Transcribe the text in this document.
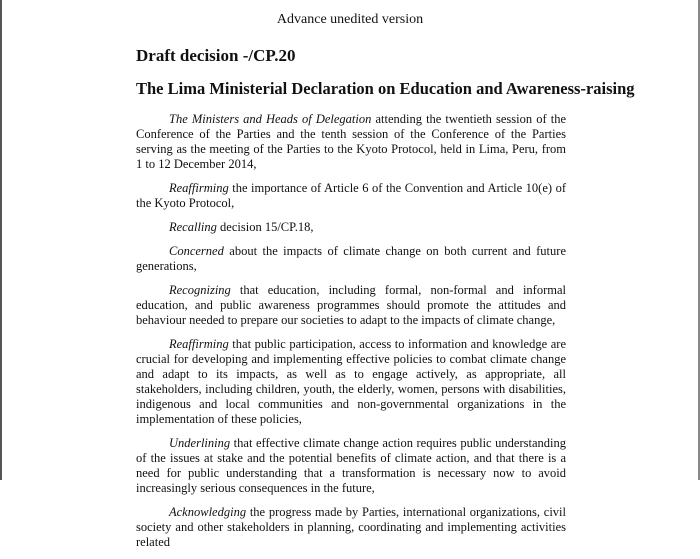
Advance unedited version
Draft decision -/CP.20
The Lima Ministerial Declaration on Education and Awareness-raising

The Ministers and Heads of Delegation attending the twentieth session of the Conference of the Parties and the tenth session of the Conference of the Parties serving as the meeting of the Parties to the Kyoto Protocol, held in Lima, Peru, from 1 to 12 December 2014,

Reaffirming the importance of Article 6 of the Convention and Article 10(e) of the Kyoto Protocol,

Recalling decision 15/CP.18,

Concerned about the impacts of climate change on both current and future generations,

Recognizing that education, including formal, non-formal and informal education, and public awareness programmes should promote the attitudes and behaviour needed to prepare our societies to adapt to the impacts of climate change,

Reaffirming that public participation, access to information and knowledge are crucial for developing and implementing effective policies to combat climate change and adapt to its impacts, as well as to engage actively, as appropriate, all stakeholders, including children, youth, the elderly, women, persons with disabilities, indigenous and local communities and non-governmental organizations in the implementation of these policies,

Underlining that effective climate change action requires public understanding of the issues at stake and the potential benefits of climate action, and that there is a need for public understanding that a transformation is necessary now to avoid increasingly serious consequences in the future,

Acknowledging the progress made by Parties, international organizations, civil society and other stakeholders in planning, coordinating and implementing activities related
